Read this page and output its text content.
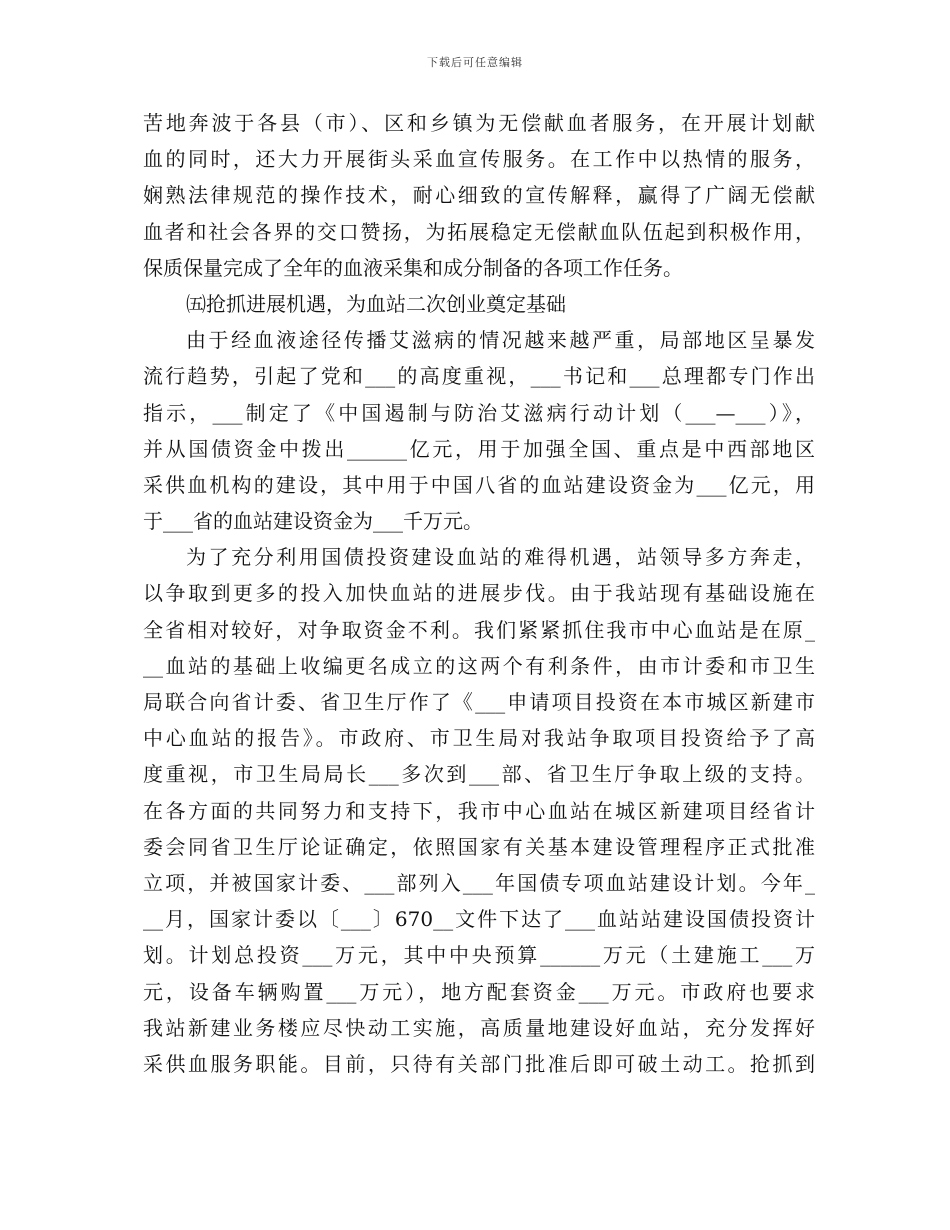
下载后可任意编辑
苦地奔波于各县（市）、区和乡镇为无偿献血者服务，在开展计划献
血的同时，还大力开展街头采血宣传服务。在工作中以热情的服务，
娴熟法律规范的操作技术，耐心细致的宣传解释，赢得了广阔无偿献
血者和社会各界的交口赞扬，为拓展稳定无偿献血队伍起到积极作用，
保质保量完成了全年的血液采集和成分制备的各项工作任务。
㈤抢抓进展机遇，为血站二次创业奠定基础
由于经血液途径传播艾滋病的情况越来越严重，局部地区呈暴发
流行趋势，引起了党和___的高度重视，___书记和___总理都专门作出
指示，___制定了《中国遏制与防治艾滋病行动计划（___—___）》，
并从国债资金中拨出______亿元，用于加强全国、重点是中西部地区
采供血机构的建设，其中用于中国八省的血站建设资金为___亿元，用
于___省的血站建设资金为___千万元。
为了充分利用国债投资建设血站的难得机遇，站领导多方奔走，
以争取到更多的投入加快血站的进展步伐。由于我站现有基础设施在
全省相对较好，对争取资金不利。我们紧紧抓住我市中心血站是在原_
__血站的基础上收编更名成立的这两个有利条件，由市计委和市卫生
局联合向省计委、省卫生厅作了《___申请项目投资在本市城区新建市
中心血站的报告》。市政府、市卫生局对我站争取项目投资给予了高
度重视，市卫生局局长___多次到___部、省卫生厅争取上级的支持。
在各方面的共同努力和支持下，我市中心血站在城区新建项目经省计
委会同省卫生厅论证确定，依照国家有关基本建设管理程序正式批准
立项，并被国家计委、___部列入___年国债专项血站建设计划。今年_
__月，国家计委以〔___〕670__文件下达了___血站站建设国债投资计
划。计划总投资___万元，其中中央预算______万元（土建施工___万
元，设备车辆购置___万元），地方配套资金___万元。市政府也要求
我站新建业务楼应尽快动工实施，高质量地建设好血站，充分发挥好
采供血服务职能。目前，只待有关部门批准后即可破土动工。抢抓到
